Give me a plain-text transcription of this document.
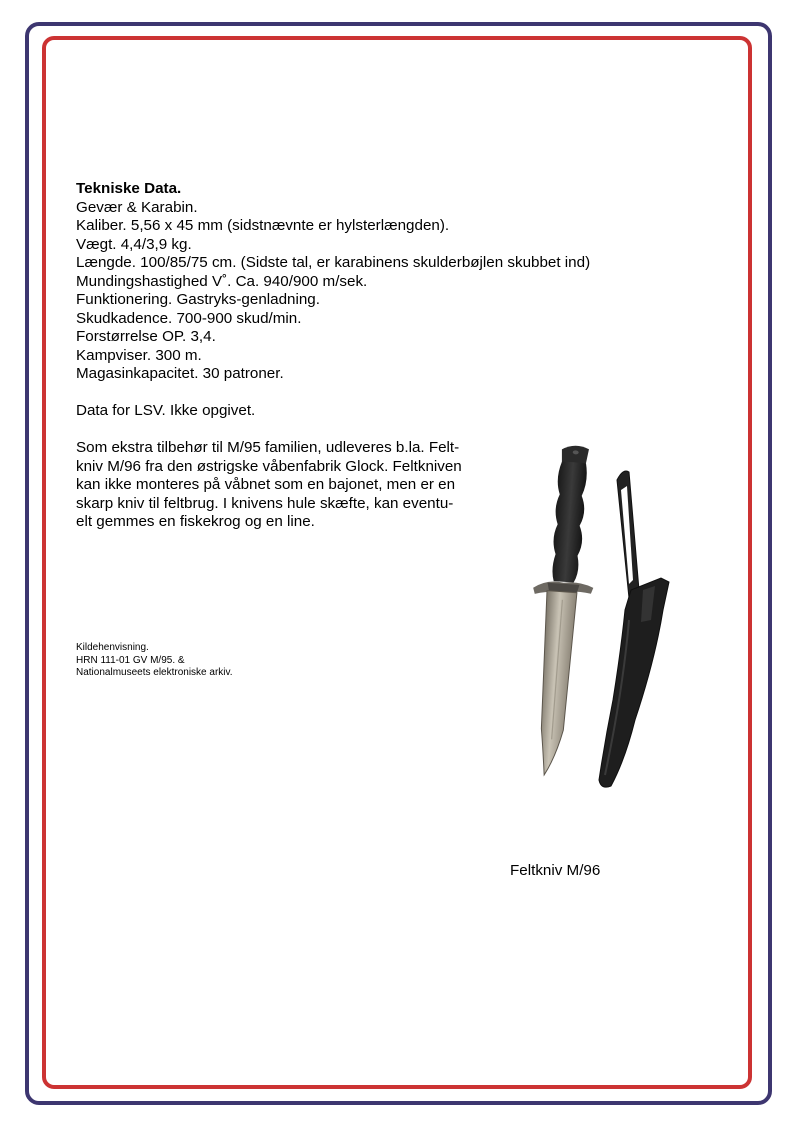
Tekniske Data.

Gevær & Karabin.

Kaliber. 5,56 x 45 mm (sidstnævnte er hylsterlængden).

Vægt. 4,4/3,9 kg.

Længde. 100/85/75 cm. (Sidste tal, er karabinens skulderbøjlen skubbet ind)

Mundingshastighed V˚. Ca. 940/900 m/sek.

Funktionering. Gastryks-genladning.

Skudkadence. 700-900 skud/min.

Forstørrelse OP. 3,4.

Kampviser. 300 m.

Magasinkapacitet. 30 patroner.

Data for LSV. Ikke opgivet.

Som ekstra tilbehør til M/95 familien, udleveres b.la. Felt-

kniv M/96 fra den østrigske våbenfabrik Glock. Feltkniven

kan ikke monteres på våbnet som en bajonet, men er en

skarp kniv til feltbrug. I knivens hule skæfte, kan eventu-

elt gemmes en fiskekrog og en line.

Kildehenvisning.

HRN 111-01 GV M/95. &

Nationalmuseets elektroniske arkiv.

Feltkniv M/96
